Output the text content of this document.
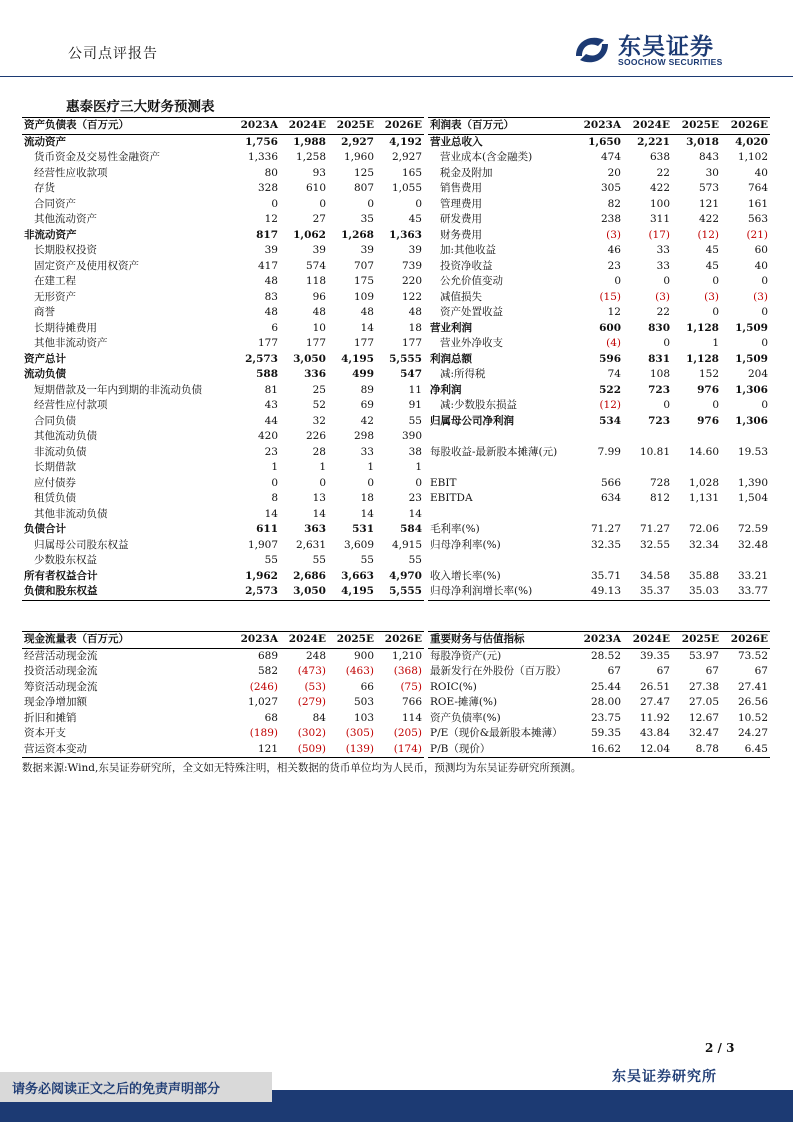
公司点评报告	东吴证券
SOOCHOW SECURITIES
惠泰医疗三大财务预测表
资产负债表（百万元）	2023A	2024E	2025E	2026E
流动资产	1,756	1,988	2,927	4,192
货币资金及交易性金融资产	1,336	1,258	1,960	2,927
经营性应收款项	80	93	125	165
存货	328	610	807	1,055
合同资产	0	0	0	0
其他流动资产	12	27	35	45
非流动资产	817	1,062	1,268	1,363
长期股权投资	39	39	39	39
固定资产及使用权资产	417	574	707	739
在建工程	48	118	175	220
无形资产	83	96	109	122
商誉	48	48	48	48
长期待摊费用	6	10	14	18
其他非流动资产	177	177	177	177
资产总计	2,573	3,050	4,195	5,555
流动负债	588	336	499	547
短期借款及一年内到期的非流动负债	81	25	89	11
经营性应付款项	43	52	69	91
合同负债	44	32	42	55
其他流动负债	420	226	298	390
非流动负债	23	28	33	38
长期借款	1	1	1	1
应付债券	0	0	0	0
租赁负债	8	13	18	23
其他非流动负债	14	14	14	14
负债合计	611	363	531	584
归属母公司股东权益	1,907	2,631	3,609	4,915
少数股东权益	55	55	55	55
所有者权益合计	1,962	2,686	3,663	4,970
负债和股东权益	2,573	3,050	4,195	5,555
利润表（百万元）	2023A	2024E	2025E	2026E
营业总收入	1,650	2,221	3,018	4,020
营业成本(含金融类)	474	638	843	1,102
税金及附加	20	22	30	40
销售费用	305	422	573	764
管理费用	82	100	121	161
研发费用	238	311	422	563
财务费用	(3)	(17)	(12)	(21)
加:其他收益	46	33	45	60
投资净收益	23	33	45	40
公允价值变动	0	0	0	0
减值损失	(15)	(3)	(3)	(3)
资产处置收益	12	22	0	0
营业利润	600	830	1,128	1,509
营业外净收支	(4)	0	1	0
利润总额	596	831	1,128	1,509
减:所得税	74	108	152	204
净利润	522	723	976	1,306
减:少数股东损益	(12)	0	0	0
归属母公司净利润	534	723	976	1,306

每股收益-最新股本摊薄(元)	7.99	10.81	14.60	19.53

EBIT	566	728	1,028	1,390
EBITDA	634	812	1,131	1,504

毛利率(%)	71.27	71.27	72.06	72.59
归母净利率(%)	32.35	32.55	32.34	32.48

收入增长率(%)	35.71	34.58	35.88	33.21
归母净利润增长率(%)	49.13	35.37	35.03	33.77
现金流量表（百万元）	2023A	2024E	2025E	2026E
经营活动现金流	689	248	900	1,210
投资活动现金流	582	(473)	(463)	(368)
筹资活动现金流	(246)	(53)	66	(75)
现金净增加额	1,027	(279)	503	766
折旧和摊销	68	84	103	114
资本开支	(189)	(302)	(305)	(205)
营运资本变动	121	(509)	(139)	(174)
重要财务与估值指标	2023A	2024E	2025E	2026E
每股净资产(元)	28.52	39.35	53.97	73.52
最新发行在外股份（百万股）	67	67	67	67
ROIC(%)	25.44	26.51	27.38	27.41
ROE-摊薄(%)	28.00	27.47	27.05	26.56
资产负债率(%)	23.75	11.92	12.67	10.52
P/E（现价&最新股本摊薄）	59.35	43.84	32.47	24.27
P/B（现价）	16.62	12.04	8.78	6.45
数据来源:Wind,东吴证券研究所，全文如无特殊注明，相关数据的货币单位均为人民币，预测均为东吴证券研究所预测。
2 / 3
东吴证券研究所
请务必阅读正文之后的免责声明部分
